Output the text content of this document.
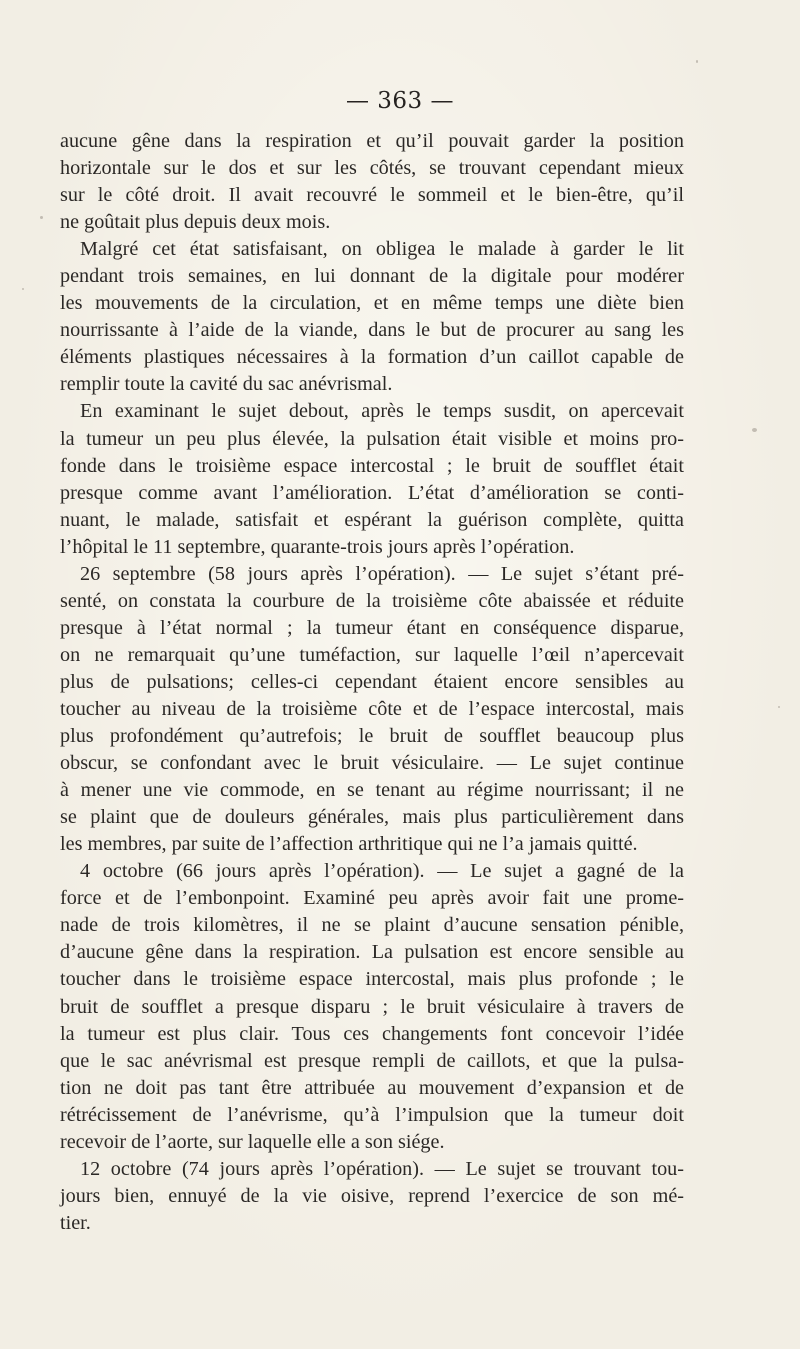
— 363 —
aucune gêne dans la respiration et qu’il pouvait garder la position
horizontale sur le dos et sur les côtés, se trouvant cependant mieux
sur le côté droit. Il avait recouvré le sommeil et le bien-être, qu’il
ne goûtait plus depuis deux mois.
Malgré cet état satisfaisant, on obligea le malade à garder le lit
pendant trois semaines, en lui donnant de la digitale pour modérer
les mouvements de la circulation, et en même temps une diète bien
nourrissante à l’aide de la viande, dans le but de procurer au sang les
éléments plastiques nécessaires à la formation d’un caillot capable de
remplir toute la cavité du sac anévrismal.
En examinant le sujet debout, après le temps susdit, on apercevait
la tumeur un peu plus élevée, la pulsation était visible et moins pro-
fonde dans le troisième espace intercostal ; le bruit de soufflet était
presque comme avant l’amélioration. L’état d’amélioration se conti-
nuant, le malade, satisfait et espérant la guérison complète, quitta
l’hôpital le 11 septembre, quarante-trois jours après l’opération.
26 septembre (58 jours après l’opération). — Le sujet s’étant pré-
senté, on constata la courbure de la troisième côte abaissée et réduite
presque à l’état normal ; la tumeur étant en conséquence disparue,
on ne remarquait qu’une tuméfaction, sur laquelle l’œil n’apercevait
plus de pulsations; celles-ci cependant étaient encore sensibles au
toucher au niveau de la troisième côte et de l’espace intercostal, mais
plus profondément qu’autrefois; le bruit de soufflet beaucoup plus
obscur, se confondant avec le bruit vésiculaire. — Le sujet continue
à mener une vie commode, en se tenant au régime nourrissant; il ne
se plaint que de douleurs générales, mais plus particulièrement dans
les membres, par suite de l’affection arthritique qui ne l’a jamais quitté.
4 octobre (66 jours après l’opération). — Le sujet a gagné de la
force et de l’embonpoint. Examiné peu après avoir fait une prome-
nade de trois kilomètres, il ne se plaint d’aucune sensation pénible,
d’aucune gêne dans la respiration. La pulsation est encore sensible au
toucher dans le troisième espace intercostal, mais plus profonde ; le
bruit de soufflet a presque disparu ; le bruit vésiculaire à travers de
la tumeur est plus clair. Tous ces changements font concevoir l’idée
que le sac anévrismal est presque rempli de caillots, et que la pulsa-
tion ne doit pas tant être attribuée au mouvement d’expansion et de
rétrécissement de l’anévrisme, qu’à l’impulsion que la tumeur doit
recevoir de l’aorte, sur laquelle elle a son siége.
12 octobre (74 jours après l’opération). — Le sujet se trouvant tou-
jours bien, ennuyé de la vie oisive, reprend l’exercice de son mé-
tier.
